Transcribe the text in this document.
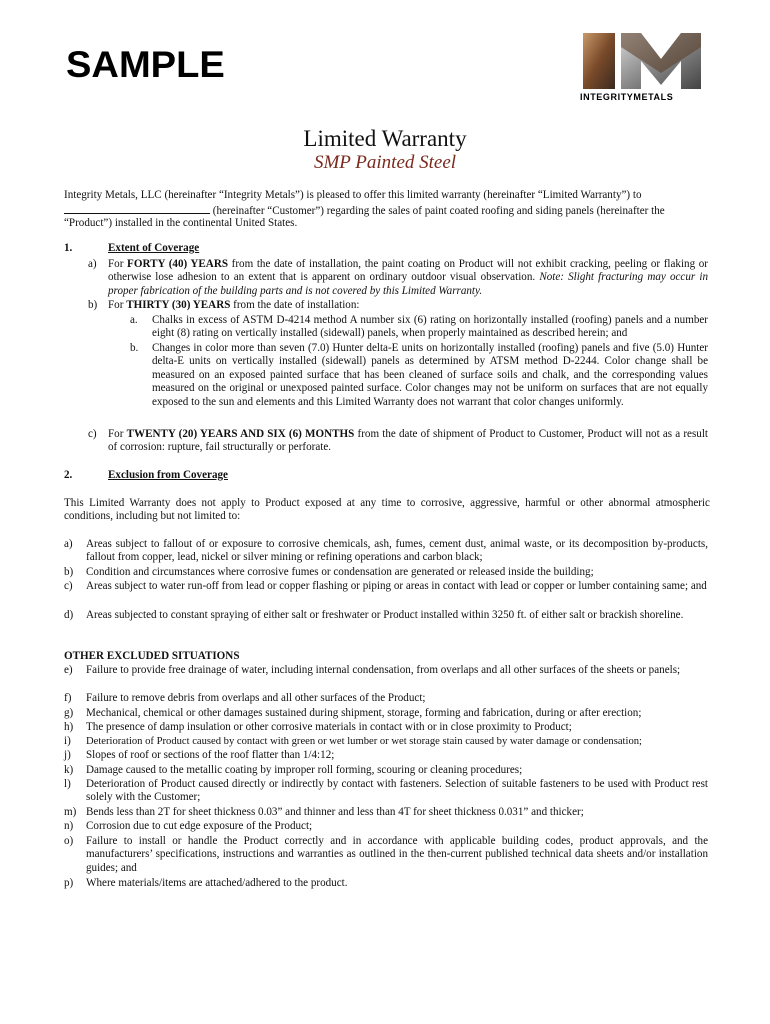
SAMPLE
INTEGRITYMETALS
Limited Warranty
SMP Painted Steel
Integrity Metals, LLC (hereinafter “Integrity Metals”) is pleased to offer this limited warranty (hereinafter “Limited Warranty”) to
(hereinafter “Customer”) regarding the sales of paint coated roofing and siding panels (hereinafter the
“Product”) installed in the continental United States.
1.	Extent of Coverage
a) For FORTY (40) YEARS from the date of installation, the paint coating on Product will not exhibit cracking, peeling or flaking or otherwise lose adhesion to an extent that is apparent on ordinary outdoor visual observation. Note: Slight fracturing may occur in proper fabrication of the building parts and is not covered by this Limited Warranty.
b) For THIRTY (30) YEARS from the date of installation:
a. Chalks in excess of ASTM D-4214 method A number six (6) rating on horizontally installed (roofing) panels and a number eight (8) rating on vertically installed (sidewall) panels, when properly maintained as described herein; and
b. Changes in color more than seven (7.0) Hunter delta-E units on horizontally installed (roofing) panels and five (5.0) Hunter delta-E units on vertically installed (sidewall) panels as determined by ATSM method D-2244. Color change shall be measured on an exposed painted surface that has been cleaned of surface soils and chalk, and the corresponding values measured on the original or unexposed painted surface. Color changes may not be uniform on surfaces that are not equally exposed to the sun and elements and this Limited Warranty does not warrant that color changes uniformly.
c) For TWENTY (20) YEARS AND SIX (6) MONTHS from the date of shipment of Product to Customer, Product will not as a result of corrosion: rupture, fail structurally or perforate.
2.	Exclusion from Coverage
This Limited Warranty does not apply to Product exposed at any time to corrosive, aggressive, harmful or other abnormal atmospheric conditions, including but not limited to:
a) Areas subject to fallout of or exposure to corrosive chemicals, ash, fumes, cement dust, animal waste, or its decomposition by-products, fallout from copper, lead, nickel or silver mining or refining operations and carbon black;
b) Condition and circumstances where corrosive fumes or condensation are generated or released inside the building;
c) Areas subject to water run-off from lead or copper flashing or piping or areas in contact with lead or copper or lumber containing same; and
d) Areas subjected to constant spraying of either salt or freshwater or Product installed within 3250 ft. of either salt or brackish shoreline.
OTHER EXCLUDED SITUATIONS
e) Failure to provide free drainage of water, including internal condensation, from overlaps and all other surfaces of the sheets or panels;
f) Failure to remove debris from overlaps and all other surfaces of the Product;
g) Mechanical, chemical or other damages sustained during shipment, storage, forming and fabrication, during or after erection;
h) The presence of damp insulation or other corrosive materials in contact with or in close proximity to Product;
i) Deterioration of Product caused by contact with green or wet lumber or wet storage stain caused by water damage or condensation;
j) Slopes of roof or sections of the roof flatter than 1/4:12;
k) Damage caused to the metallic coating by improper roll forming, scouring or cleaning procedures;
l) Deterioration of Product caused directly or indirectly by contact with fasteners. Selection of suitable fasteners to be used with Product rest solely with the Customer;
m) Bends less than 2T for sheet thickness 0.03” and thinner and less than 4T for sheet thickness 0.031” and thicker;
n) Corrosion due to cut edge exposure of the Product;
o) Failure to install or handle the Product correctly and in accordance with applicable building codes, product approvals, and the manufacturers’ specifications, instructions and warranties as outlined in the then-current published technical data sheets and/or installation guides; and
p) Where materials/items are attached/adhered to the product.
